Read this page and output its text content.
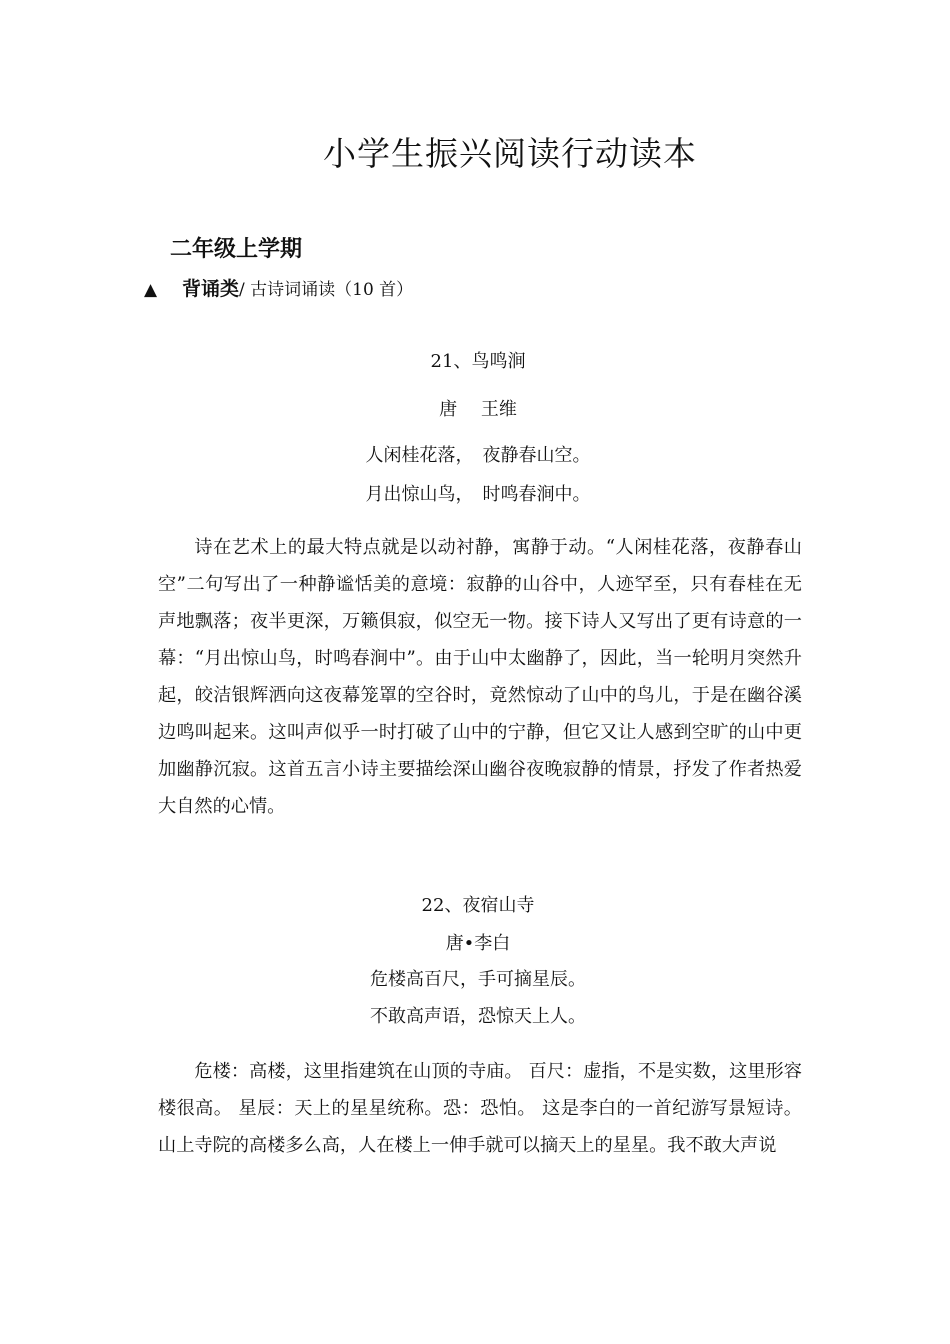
小学生振兴阅读行动读本
二年级上学期
▲ 背诵类/ 古诗词诵读（10 首）
21、鸟鸣涧
唐　 王维
人闲桂花落，　夜静春山空。
月出惊山鸟，　时鸣春涧中。

诗在艺术上的最大特点就是以动衬静，寓静于动。“人闲桂花落，夜静春山空”二句写出了一种静谧恬美的意境：寂静的山谷中，人迹罕至，只有春桂在无声地飘落；夜半更深，万籁俱寂，似空无一物。接下诗人又写出了更有诗意的一幕：“月出惊山鸟，时鸣春涧中”。由于山中太幽静了，因此，当一轮明月突然升起，皎洁银辉洒向这夜幕笼罩的空谷时，竟然惊动了山中的鸟儿，于是在幽谷溪边鸣叫起来。这叫声似乎一时打破了山中的宁静，但它又让人感到空旷的山中更加幽静沉寂。这首五言小诗主要描绘深山幽谷夜晚寂静的情景，抒发了作者热爱大自然的心情。

22、夜宿山寺
唐•李白
危楼高百尺，手可摘星辰。
不敢高声语，恐惊天上人。

危楼：高楼，这里指建筑在山顶的寺庙。 百尺：虚指，不是实数，这里形容楼很高。 星辰：天上的星星统称。恐：恐怕。 这是李白的一首纪游写景短诗。山上寺院的高楼多么高，人在楼上一伸手就可以摘天上的星星。我不敢大声说
